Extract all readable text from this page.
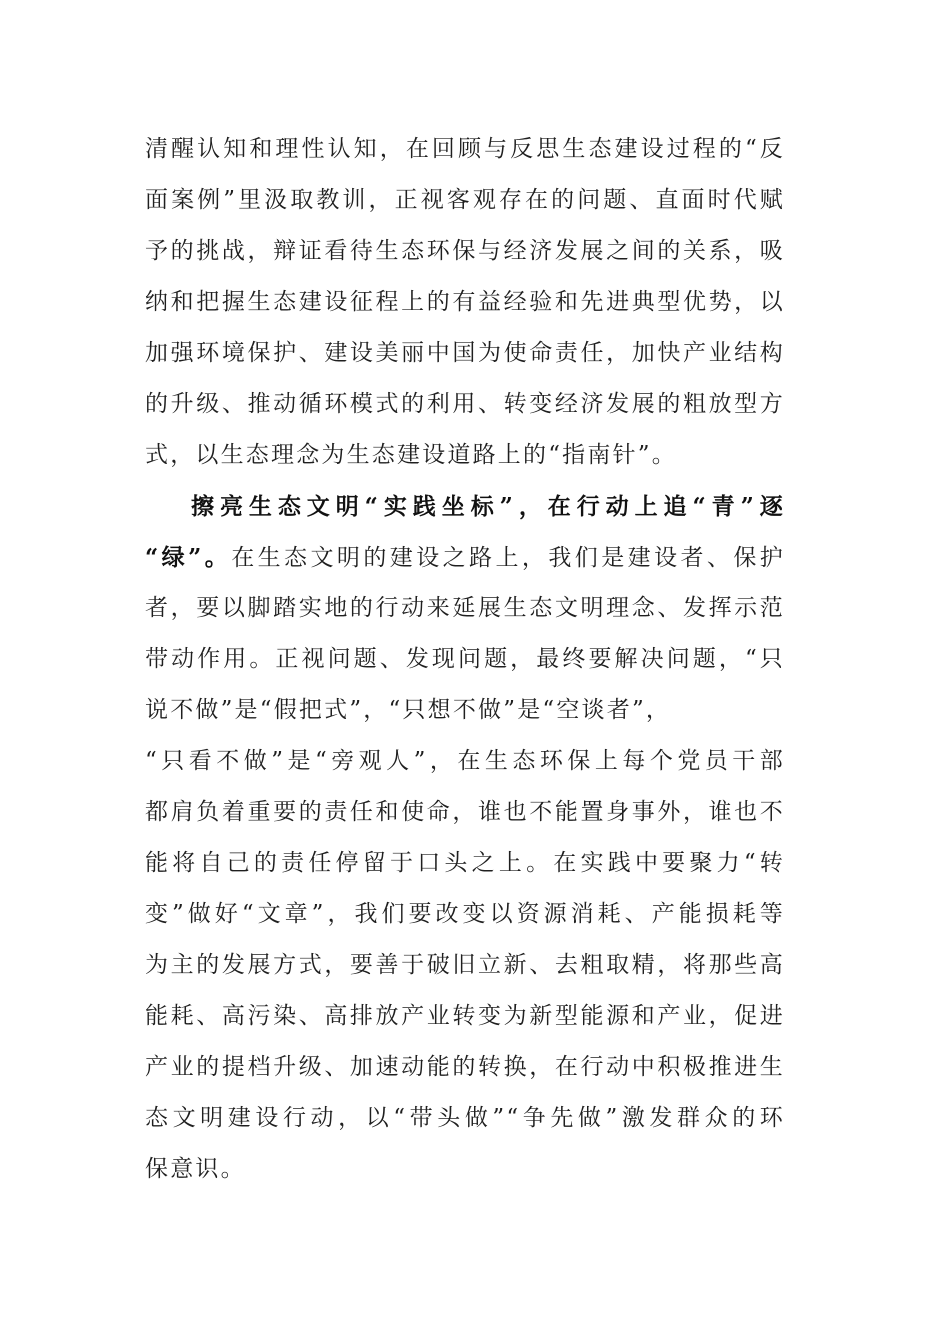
清醒认知和理性认知，在回顾与反思生态建设过程的“反
面案例”里汲取教训，正视客观存在的问题、直面时代赋
予的挑战，辩证看待生态环保与经济发展之间的关系，吸
纳和把握生态建设征程上的有益经验和先进典型优势，以
加强环境保护、建设美丽中国为使命责任，加快产业结构
的升级、推动循环模式的利用、转变经济发展的粗放型方
式，以生态理念为生态建设道路上的“指南针”。
擦亮生态文明“实践坐标”，在行动上追“青”逐
“绿”。在生态文明的建设之路上，我们是建设者、保护
者，要以脚踏实地的行动来延展生态文明理念、发挥示范
带动作用。正视问题、发现问题，最终要解决问题，“只
说不做”是“假把式”，“只想不做”是“空谈者”，
“只看不做”是“旁观人”，在生态环保上每个党员干部
都肩负着重要的责任和使命，谁也不能置身事外，谁也不
能将自己的责任停留于口头之上。在实践中要聚力“转
变”做好“文章”，我们要改变以资源消耗、产能损耗等
为主的发展方式，要善于破旧立新、去粗取精，将那些高
能耗、高污染、高排放产业转变为新型能源和产业，促进
产业的提档升级、加速动能的转换，在行动中积极推进生
态文明建设行动，以“带头做”“争先做”激发群众的环
保意识。
